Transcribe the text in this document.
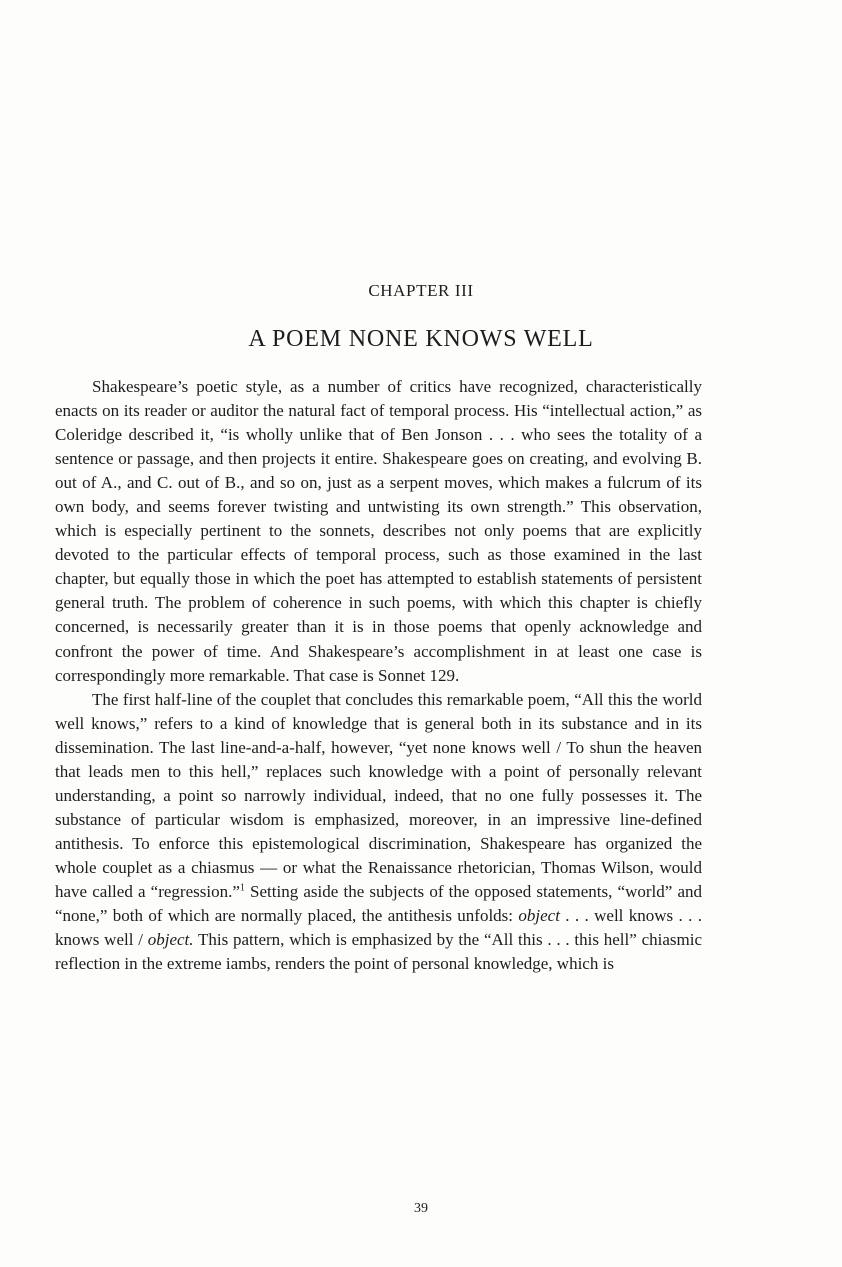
CHAPTER III
A POEM NONE KNOWS WELL

Shakespeare’s poetic style, as a number of critics have recognized, characteristically enacts on its reader or auditor the natural fact of temporal process. His “intellectual action,” as Coleridge described it, “is wholly unlike that of Ben Jonson . . . who sees the totality of a sentence or passage, and then projects it entire. Shakespeare goes on creating, and evolving B. out of A., and C. out of B., and so on, just as a serpent moves, which makes a fulcrum of its own body, and seems forever twisting and untwisting its own strength.” This observation, which is especially pertinent to the sonnets, describes not only poems that are explicitly devoted to the particular effects of temporal process, such as those examined in the last chapter, but equally those in which the poet has attempted to establish statements of persistent general truth. The problem of coherence in such poems, with which this chapter is chiefly concerned, is necessarily greater than it is in those poems that openly acknowledge and confront the power of time. And Shakespeare’s accomplishment in at least one case is correspondingly more remarkable. That case is Sonnet 129.

The first half-line of the couplet that concludes this remarkable poem, “All this the world well knows,” refers to a kind of knowledge that is general both in its substance and in its dissemination. The last line-and-a-half, however, “yet none knows well / To shun the heaven that leads men to this hell,” replaces such knowledge with a point of personally relevant understanding, a point so narrowly individual, indeed, that no one fully possesses it. The substance of particular wisdom is emphasized, moreover, in an impressive line-defined antithesis. To enforce this epistemological discrimination, Shakespeare has organized the whole couplet as a chiasmus — or what the Renaissance rhetorician, Thomas Wilson, would have called a “regression.”$^1$ Setting aside the subjects of the opposed statements, “world” and “none,” both of which are normally placed, the antithesis unfolds: object . . . well knows . . . knows well / object. This pattern, which is emphasized by the “All this . . . this hell” chiasmic reflection in the extreme iambs, renders the point of personal knowledge, which is

39
